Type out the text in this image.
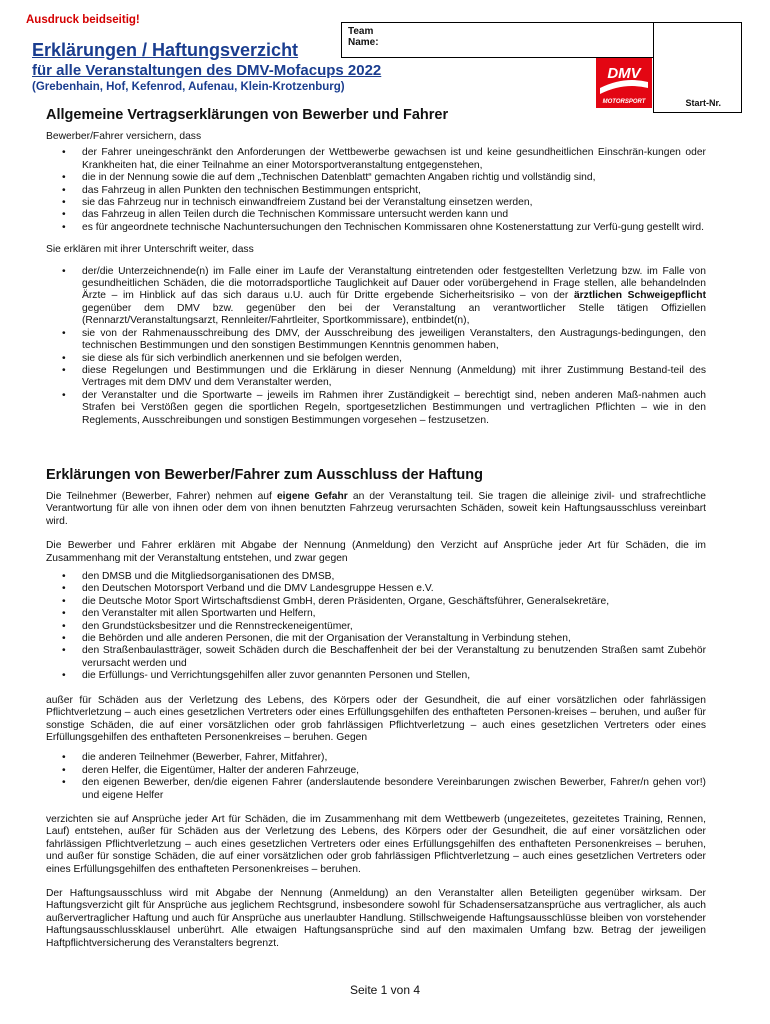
Ausdruck beidseitig!
Team
Name:
DMV
MOTORSPORT	Start-Nr.
Erklärungen / Haftungsverzicht
für alle Veranstaltungen des DMV-Mofacups 2022
(Grebenhain, Hof, Kefenrod, Aufenau, Klein-Krotzenburg)
Allgemeine Vertragserklärungen von Bewerber und Fahrer

Bewerber/Fahrer versichern, dass

• der Fahrer uneingeschränkt den Anforderungen der Wettbewerbe gewachsen ist und keine gesundheitlichen Einschrän-kungen oder Krankheiten hat, die einer Teilnahme an einer Motorsportveranstaltung entgegenstehen,
• die in der Nennung sowie die auf dem „Technischen Datenblatt“ gemachten Angaben richtig und vollständig sind,
• das Fahrzeug in allen Punkten den technischen Bestimmungen entspricht,
• sie das Fahrzeug nur in technisch einwandfreiem Zustand bei der Veranstaltung einsetzen werden,
• das Fahrzeug in allen Teilen durch die Technischen Kommissare untersucht werden kann und
• es für angeordnete technische Nachuntersuchungen den Technischen Kommissaren ohne Kostenerstattung zur Verfü-gung gestellt wird.

Sie erklären mit ihrer Unterschrift weiter, dass

• der/die Unterzeichnende(n) im Falle einer im Laufe der Veranstaltung eintretenden oder festgestellten Verletzung bzw. im Falle von gesundheitlichen Schäden, die die motorradsportliche Tauglichkeit auf Dauer oder vorübergehend in Frage stellen, alle behandelnden Ärzte – im Hinblick auf das sich daraus u.U. auch für Dritte ergebende Sicherheitsrisiko – von der ärztlichen Schweigepflicht gegenüber dem DMV bzw. gegenüber den bei der Veranstaltung an verantwortlicher Stelle tätigen Offiziellen (Rennarzt/Veranstaltungsarzt, Rennleiter/Fahrtleiter, Sportkommissare), entbindet(n),
• sie von der Rahmenausschreibung des DMV, der Ausschreibung des jeweiligen Veranstalters, den Austragungs-bedingungen, den technischen Bestimmungen und den sonstigen Bestimmungen Kenntnis genommen haben,
• sie diese als für sich verbindlich anerkennen und sie befolgen werden,
• diese Regelungen und Bestimmungen und die Erklärung in dieser Nennung (Anmeldung) mit ihrer Zustimmung Bestand-teil des Vertrages mit dem DMV und dem Veranstalter werden,
• der Veranstalter und die Sportwarte – jeweils im Rahmen ihrer Zuständigkeit – berechtigt sind, neben anderen Maß-nahmen auch Strafen bei Verstößen gegen die sportlichen Regeln, sportgesetzlichen Bestimmungen und vertraglichen Pflichten – wie in den Reglements, Ausschreibungen und sonstigen Bestimmungen vorgesehen – festzusetzen.
Erklärungen von Bewerber/Fahrer zum Ausschluss der Haftung

Die Teilnehmer (Bewerber, Fahrer) nehmen auf eigene Gefahr an der Veranstaltung teil. Sie tragen die alleinige zivil- und strafrechtliche Verantwortung für alle von ihnen oder dem von ihnen benutzten Fahrzeug verursachten Schäden, soweit kein Haftungsausschluss vereinbart wird.

Die Bewerber und Fahrer erklären mit Abgabe der Nennung (Anmeldung) den Verzicht auf Ansprüche jeder Art für Schäden, die im Zusammenhang mit der Veranstaltung entstehen, und zwar gegen

• den DMSB und die Mitgliedsorganisationen des DMSB,
• den Deutschen Motorsport Verband und die DMV Landesgruppe Hessen e.V.
• die Deutsche Motor Sport Wirtschaftsdienst GmbH, deren Präsidenten, Organe, Geschäftsführer, Generalsekretäre,
• den Veranstalter mit allen Sportwarten und Helfern,
• den Grundstücksbesitzer und die Rennstreckeneigentümer,
• die Behörden und alle anderen Personen, die mit der Organisation der Veranstaltung in Verbindung stehen,
• den Straßenbaulastträger, soweit Schäden durch die Beschaffenheit der bei der Veranstaltung zu benutzenden Straßen samt Zubehör verursacht werden und
• die Erfüllungs- und Verrichtungsgehilfen aller zuvor genannten Personen und Stellen,

außer für Schäden aus der Verletzung des Lebens, des Körpers oder der Gesundheit, die auf einer vorsätzlichen oder fahrlässigen Pflichtverletzung – auch eines gesetzlichen Vertreters oder eines Erfüllungsgehilfen des enthafteten Personen-kreises – beruhen, und außer für sonstige Schäden, die auf einer vorsätzlichen oder grob fahrlässigen Pflichtverletzung – auch eines gesetzlichen Vertreters oder eines Erfüllungsgehilfen des enthafteten Personenkreises – beruhen. Gegen

• die anderen Teilnehmer (Bewerber, Fahrer, Mitfahrer),
• deren Helfer, die Eigentümer, Halter der anderen Fahrzeuge,
• den eigenen Bewerber, den/die eigenen Fahrer (anderslautende besondere Vereinbarungen zwischen Bewerber, Fahrer/n gehen vor!) und eigene Helfer

verzichten sie auf Ansprüche jeder Art für Schäden, die im Zusammenhang mit dem Wettbewerb (ungezeitetes, gezeitetes Training, Rennen, Lauf) entstehen, außer für Schäden aus der Verletzung des Lebens, des Körpers oder der Gesundheit, die auf einer vorsätzlichen oder fahrlässigen Pflichtverletzung – auch eines gesetzlichen Vertreters oder eines Erfüllungsgehilfen des enthafteten Personenkreises – beruhen, und außer für sonstige Schäden, die auf einer vorsätzlichen oder grob fahrlässigen Pflichtverletzung – auch eines gesetzlichen Vertreters oder eines Erfüllungsgehilfen des enthafteten Personenkreises – beruhen.

Der Haftungsausschluss wird mit Abgabe der Nennung (Anmeldung) an den Veranstalter allen Beteiligten gegenüber wirksam. Der Haftungsverzicht gilt für Ansprüche aus jeglichem Rechtsgrund, insbesondere sowohl für Schadensersatzansprüche aus vertraglicher, als auch außervertraglicher Haftung und auch für Ansprüche aus unerlaubter Handlung. Stillschweigende Haftungsausschlüsse bleiben von vorstehender Haftungsausschlussklausel unberührt. Alle etwaigen Haftungsansprüche sind auf den maximalen Umfang bzw. Betrag der jeweiligen Haftpflichtversicherung des Veranstalters begrenzt.

Seite 1 von 4
